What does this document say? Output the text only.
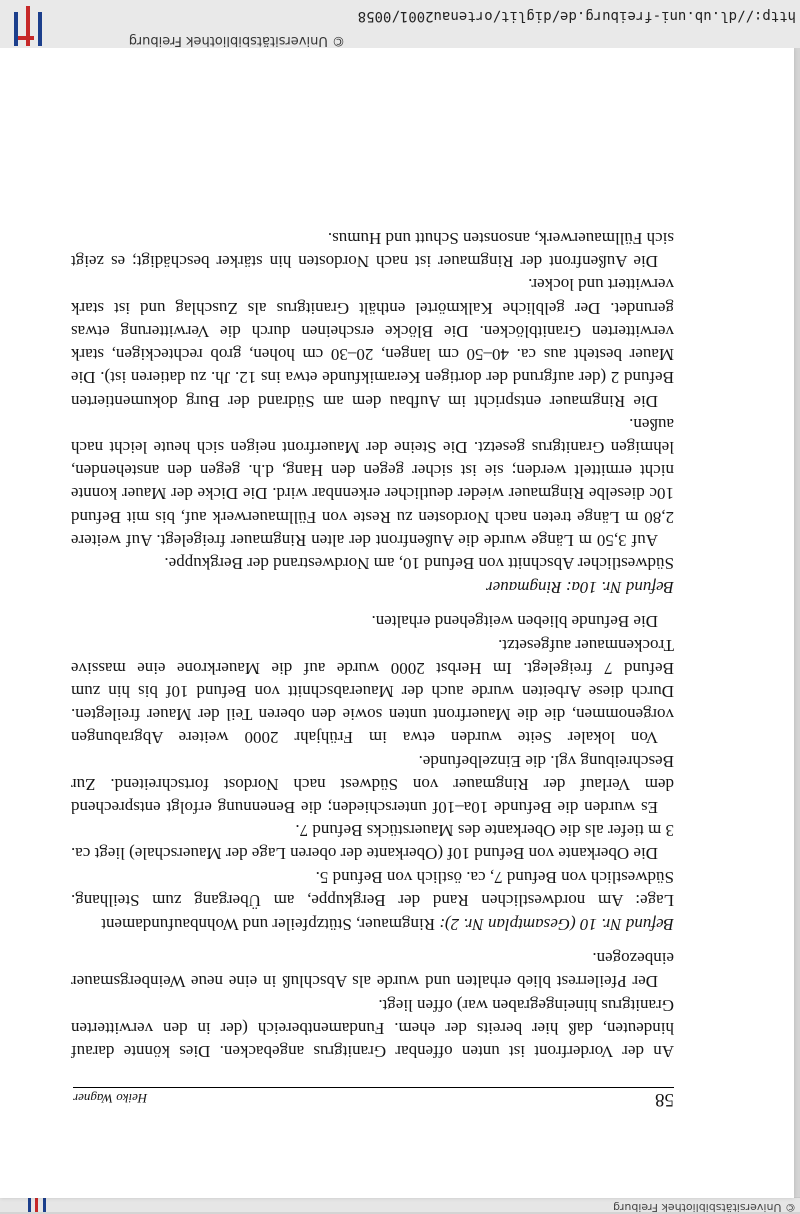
© Universitätsbibliothek Freiburg
58
Heiko Wagner

An der Vorderfront ist unten offenbar Granitgrus angebacken. Dies könnte darauf hindeuten, daß hier bereits der ehem. Fundamentbereich (der in den verwitterten Granitgrus hineingegraben war) offen liegt.

Der Pfeilerrest blieb erhalten und wurde als Abschluß in eine neue Weinbergsmauer einbezogen.

Befund Nr. 10 (Gesamtplan Nr. 2): Ringmauer, Stützpfeiler und Wohnbaufundament

Lage: Am nordwestlichen Rand der Bergkuppe, am Übergang zum Steilhang. Südwestlich von Befund 7, ca. östlich von Befund 5.

Die Oberkante von Befund 10f (Oberkante der oberen Lage der Mauerschale) liegt ca. 3 m tiefer als die Oberkante des Mauerstücks Befund 7.

Es wurden die Befunde 10a–10f unterschieden; die Benennung erfolgt entsprechend dem Verlauf der Ringmauer von Südwest nach Nordost fortschreitend. Zur Beschreibung vgl. die Einzelbefunde.

Von lokaler Seite wurden etwa im Frühjahr 2000 weitere Abgrabungen vorgenommen, die die Mauerfront unten sowie den oberen Teil der Mauer freilegten. Durch diese Arbeiten wurde auch der Mauerabschnitt von Befund 10f bis hin zum Befund 7 freigelegt. Im Herbst 2000 wurde auf die Mauerkrone eine massive Trockenmauer aufgesetzt.

Die Befunde blieben weitgehend erhalten.

Befund Nr. 10a: Ringmauer

Südwestlicher Abschnitt von Befund 10, am Nordwestrand der Bergkuppe.

Auf 3,50 m Länge wurde die Außenfront der alten Ringmauer freigelegt. Auf weitere 2,80 m Länge treten nach Nordosten zu Reste von Füllmauerwerk auf, bis mit Befund 10c dieselbe Ringmauer wieder deutlicher erkennbar wird. Die Dicke der Mauer konnte nicht ermittelt werden; sie ist sicher gegen den Hang, d.h. gegen den anstehenden, lehmigen Granitgrus gesetzt. Die Steine der Mauerfront neigen sich heute leicht nach außen.

Die Ringmauer entspricht im Aufbau dem am Südrand der Burg dokumentierten Befund 2 (der aufgrund der dortigen Keramikfunde etwa ins 12. Jh. zu datieren ist). Die Mauer besteht aus ca. 40–50 cm langen, 20–30 cm hohen, grob rechteckigen, stark verwitterten Granitblöcken. Die Blöcke erscheinen durch die Verwitterung etwas gerundet. Der gelbliche Kalkmörtel enthält Granitgrus als Zuschlag und ist stark verwittert und locker.

Die Außenfront der Ringmauer ist nach Nordosten hin stärker beschädigt; es zeigt sich Füllmauerwerk, ansonsten Schutt und Humus.

© Universitätsbibliothek Freiburg
http://dl.ub.uni-freiburg.de/diglit/ortenau2001/0058
